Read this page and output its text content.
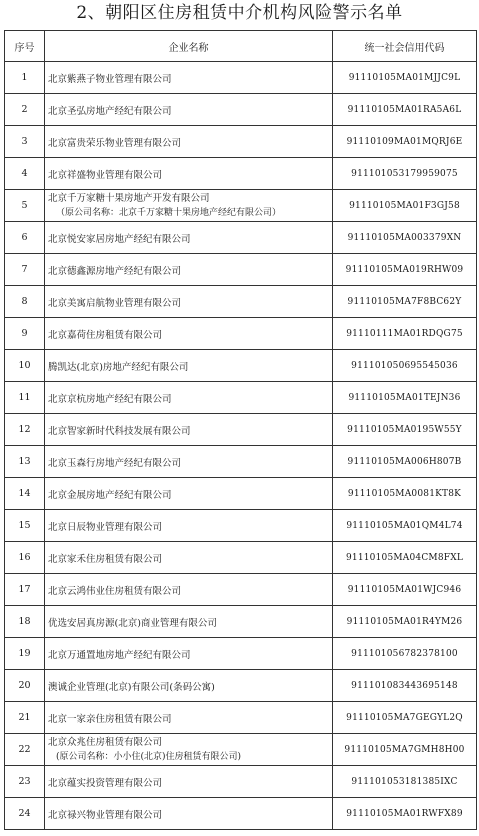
2、朝阳区住房租赁中介机构风险警示名单
序号	企业名称	统一社会信用代码
1	北京紫燕子物业管理有限公司	91110105MA01MJJC9L
2	北京圣弘房地产经纪有限公司	91110105MA01RA5A6L
3	北京富贵荣乐物业管理有限公司	91110109MA01MQRJ6E
4	北京祥盛物业管理有限公司	911101053179959075
5	北京千万家糖十果房地产开发有限公司
（原公司名称：北京千万家糖十果房地产经纪有限公司）	91110105MA01F3GJ58
6	北京悦安家居房地产经纪有限公司	91110105MA003379XN
7	北京德鑫源房地产经纪有限公司	91110105MA019RHW09
8	北京美寓启航物业管理有限公司	91110105MA7F8BC62Y
9	北京嘉荷住房租赁有限公司	91110111MA01RDQG75
10	腾凯达(北京)房地产经纪有限公司	911101050695545036
11	北京京杭房地产经纪有限公司	91110105MA01TEJN36
12	北京智家新时代科技发展有限公司	91110105MA0195W55Y
13	北京玉森行房地产经纪有限公司	91110105MA006H807B
14	北京金展房地产经纪有限公司	91110105MA0081KT8K
15	北京日辰物业管理有限公司	91110105MA01QM4L74
16	北京家禾住房租赁有限公司	91110105MA04CM8FXL
17	北京云鸿伟业住房租赁有限公司	91110105MA01WJC946
18	优选安居真房源(北京)商业管理有限公司	91110105MA01R4YM26
19	北京万通置地房地产经纪有限公司	911101056782378100
20	澳诚企业管理(北京)有限公司(条码公寓)	911101083443695148
21	北京一家亲住房租赁有限公司	91110105MA7GEGYL2Q
22	北京众兆住房租赁有限公司
(原公司名称：小小住(北京)住房租赁有限公司)	91110105MA7GMH8H00
23	北京蕴实投资管理有限公司	911101053181385IXC
24	北京禄兴物业管理有限公司	91110105MA01RWFX89
